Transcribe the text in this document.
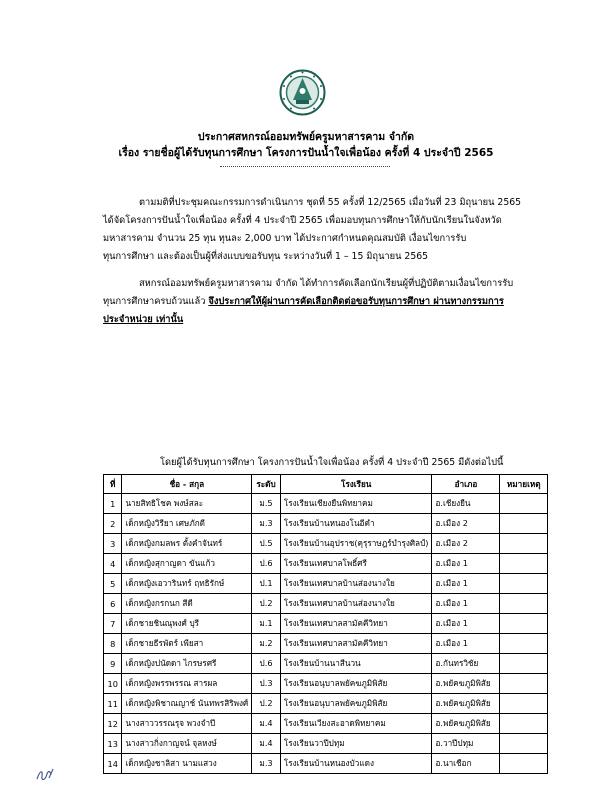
ประกาศสหกรณ์ออมทรัพย์ครูมหาสารคาม จำกัด
เรื่อง รายชื่อผู้ได้รับทุนการศึกษา โครงการปันน้ำใจเพื่อน้อง ครั้งที่ 4 ประจำปี 2565
ตามมติที่ประชุมคณะกรรมการดำเนินการ ชุดที่ 55 ครั้งที่ 12/2565 เมื่อวันที่ 23 มิถุนายน 2565
ได้จัดโครงการปันน้ำใจเพื่อน้อง ครั้งที่ 4 ประจำปี 2565 เพื่อมอบทุนการศึกษาให้กับนักเรียนในจังหวัด
มหาสารคาม จำนวน 25 ทุน ทุนละ 2,000 บาท ได้ประกาศกำหนดคุณสมบัติ เงื่อนไขการรับ
ทุนการศึกษา และต้องเป็นผู้ที่ส่งแบบขอรับทุน ระหว่างวันที่ 1 – 15 มิถุนายน 2565
สหกรณ์ออมทรัพย์ครูมหาสารคาม จำกัด ได้ทำการคัดเลือกนักเรียนผู้ที่ปฏิบัติตามเงื่อนไขการรับ
ทุนการศึกษาครบถ้วนแล้ว จึงประกาศให้ผู้ผ่านการคัดเลือกติดต่อขอรับทุนการศึกษา ผ่านทางกรรมการ
ประจำหน่วย เท่านั้น
โดยผู้ได้รับทุนการศึกษา โครงการปันน้ำใจเพื่อน้อง ครั้งที่ 4 ประจำปี 2565 มีดังต่อไปนี้
ที่	ชื่อ - สกุล	ระดับ	โรงเรียน	อำเภอ	หมายเหตุ
1	นายสิทธิโชค พงษ์สละ	ม.5	โรงเรียนเชียงยืนพิทยาคม	อ.เชียงยืน	
2	เด็กหญิงวิรียา เศษภักดี	ม.3	โรงเรียนบ้านหนองโนอีคำ	อ.เมือง 2	
3	เด็กหญิงกมลพร ตั้งคำจันทร์	ป.5	โรงเรียนบ้านอุปราช(คุรุราษฎร์บำรุงศิลป์)	อ.เมือง 2	
4	เด็กหญิงสุกาญดา ขันแก้ว	ป.6	โรงเรียนเทศบาลโพธิ์ศรี	อ.เมือง 1	
5	เด็กหญิงเอวารินทร์ ฤทธิรักษ์	ป.1	โรงเรียนเทศบาลบ้านส่องนางใย	อ.เมือง 1	
6	เด็กหญิงกรกนก สีดี	ป.2	โรงเรียนเทศบาลบ้านส่องนางใย	อ.เมือง 1	
7	เด็กชายชินณุพงศ์ บุรี	ม.1	โรงเรียนเทศบาลสามัคคีวิทยา	อ.เมือง 1	
8	เด็กชายธีรพัตร์ เพียสา	ม.2	โรงเรียนเทศบาลสามัคคีวิทยา	อ.เมือง 1	
9	เด็กหญิงปนัดดา ไกรษรศรี	ป.6	โรงเรียนบ้านนาสีนวน	อ.กันทรวิชัย	
10	เด็กหญิงพรรพรรณ สารผล	ป.3	โรงเรียนอนุบาลพยัคฆภูมิพิสัย	อ.พยัคฆภูมิพิสัย	
11	เด็กหญิงพิชาณญาช์ นันทพรสิริพงศ์	ป.2	โรงเรียนอนุบาลพยัคฆภูมิพิสัย	อ.พยัคฆภูมิพิสัย	
12	นางสาววรรณรุจ พวงจำปี	ม.4	โรงเรียนเวียงสะอาดพิทยาคม	อ.พยัคฆภูมิพิสัย	
13	นางสาวกิ่งกาญจน์ จุลหงษ์	ม.4	โรงเรียนวาปีปทุม	อ.วาปีปทุม	
14	เด็กหญิงชาลิสา นามแสวง	ม.3	โรงเรียนบ้านหนองบัวแดง	อ.นาเชือก	
